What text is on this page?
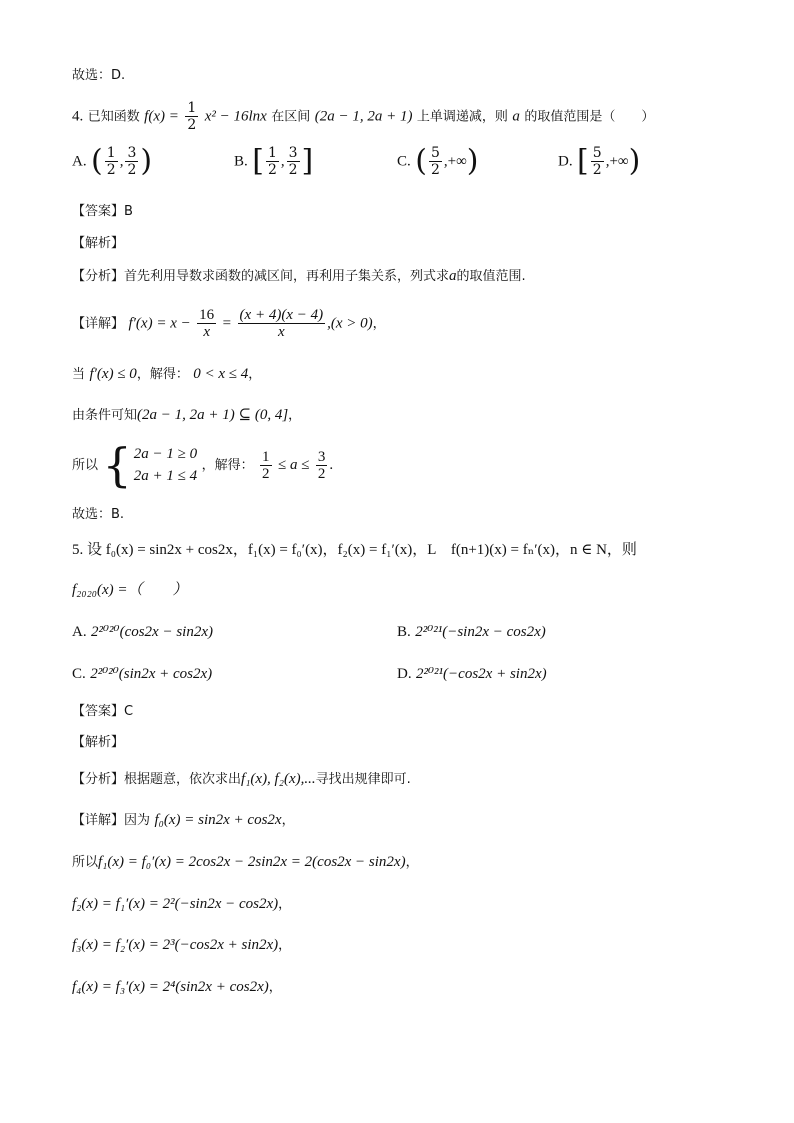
故选：D.
4. 已知函数 $f(x) = \frac{1}{2} x^2 - 16\ln x$ 在区间 (2a − 1, 2a + 1) 上单调递减，则 a 的取值范围是（　　）
A. ( $\frac{1}{2}$ , $\frac{3}{2}$ )	B. [ $\frac{1}{2}$ , $\frac{3}{2}$ ]	C. ( $\frac{5}{2}$ ,+∞)	D. [ $\frac{5}{2}$ ,+∞)
【答案】B
【解析】
【分析】首先利用导数求函数的减区间，再利用子集关系，列式求a的取值范围.
【详解】 $f'(x) = x - \frac{16}{x} = \frac{(x + 4)(x - 4)}{x} ,(x > 0)$，
当 f′(x) ≤ 0，解得： 0 < x ≤ 4，
由条件可知(2a − 1, 2a + 1) ⊆ (0, 4]，
所以 { 2a − 1 ≥ 0
2a + 1 ≤ 4
，解得： $\frac{1}{2} \le a \le \frac{3}{2}$ .
故选：B.
5. 设 f₀(x) = sin2x + cos2x，f₁(x) = f₀′(x)，f₂(x) = f₁′(x)，L　f(n+1)(x) = fₙ′(x)，n ∈ N，则
f₂₀₂₀(x) =（　　）
A. 2²⁰²⁰(cos2x − sin2x)	B. 2²⁰²¹(−sin2x − cos2x)
C. 2²⁰²⁰(sin2x + cos2x)	D. 2²⁰²¹(−cos2x + sin2x)
【答案】C
【解析】
【分析】根据题意，依次求出f₁(x), f₂(x),...寻找出规律即可.
【详解】因为 f₀(x) = sin2x + cos2x，
所以f₁(x) = f₀′(x) = 2cos2x − 2sin2x = 2(cos2x − sin2x)，
f₂(x) = f₁′(x) = 2²(−sin2x − cos2x)，
f₃(x) = f₂′(x) = 2³(−cos2x + sin2x)，
f₄(x) = f₃′(x) = 2⁴(sin2x + cos2x)，
